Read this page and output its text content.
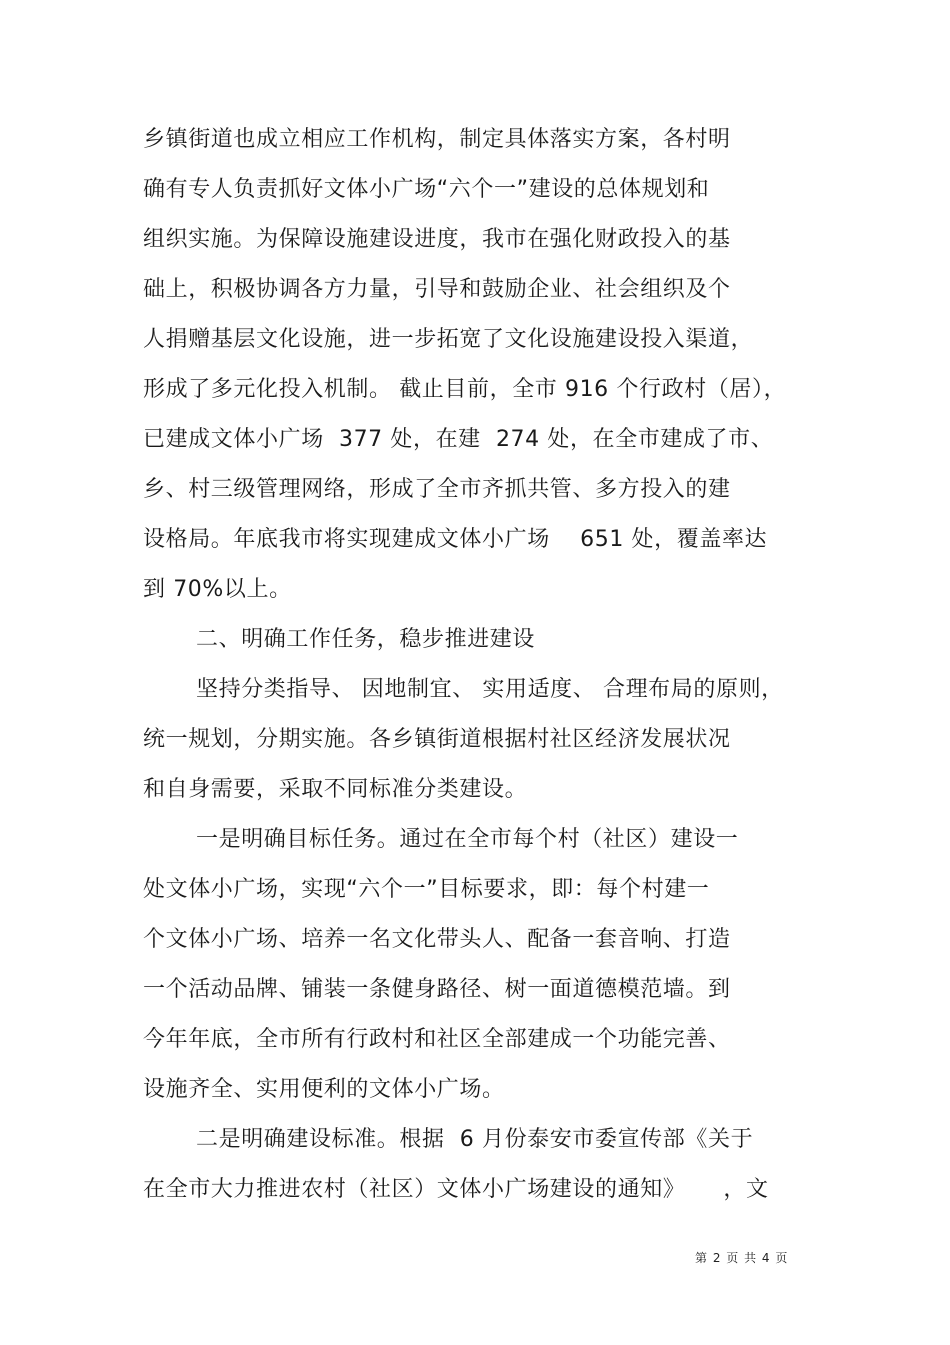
乡镇街道也成立相应工作机构，制定具体落实方案，各村明
确有专人负责抓好文体小广场“六个一”建设的总体规划和
组织实施。为保障设施建设进度，我市在强化财政投入的基
础上，积极协调各方力量，引导和鼓励企业、社会组织及个
人捐赠基层文化设施，进一步拓宽了文化设施建设投入渠道，
形成了多元化投入机制。 截止目前，全市 916 个行政村（居），
已建成文体小广场  377 处，在建  274 处，在全市建成了市、
乡、村三级管理网络，形成了全市齐抓共管、多方投入的建
设格局。年底我市将实现建成文体小广场    651 处，覆盖率达
到 70%以上。
二、明确工作任务，稳步推进建设
坚持分类指导、 因地制宜、 实用适度、 合理布局的原则，
统一规划，分期实施。各乡镇街道根据村社区经济发展状况
和自身需要，采取不同标准分类建设。
一是明确目标任务。通过在全市每个村（社区）建设一
处文体小广场，实现“六个一”目标要求，即：每个村建一
个文体小广场、培养一名文化带头人、配备一套音响、打造
一个活动品牌、铺装一条健身路径、树一面道德模范墙。到
今年年底，全市所有行政村和社区全部建成一个功能完善、
设施齐全、实用便利的文体小广场。
二是明确建设标准。根据  6 月份泰安市委宣传部《关于
在全市大力推进农村（社区）文体小广场建设的通知》     ，文
第 2 页 共 4 页
